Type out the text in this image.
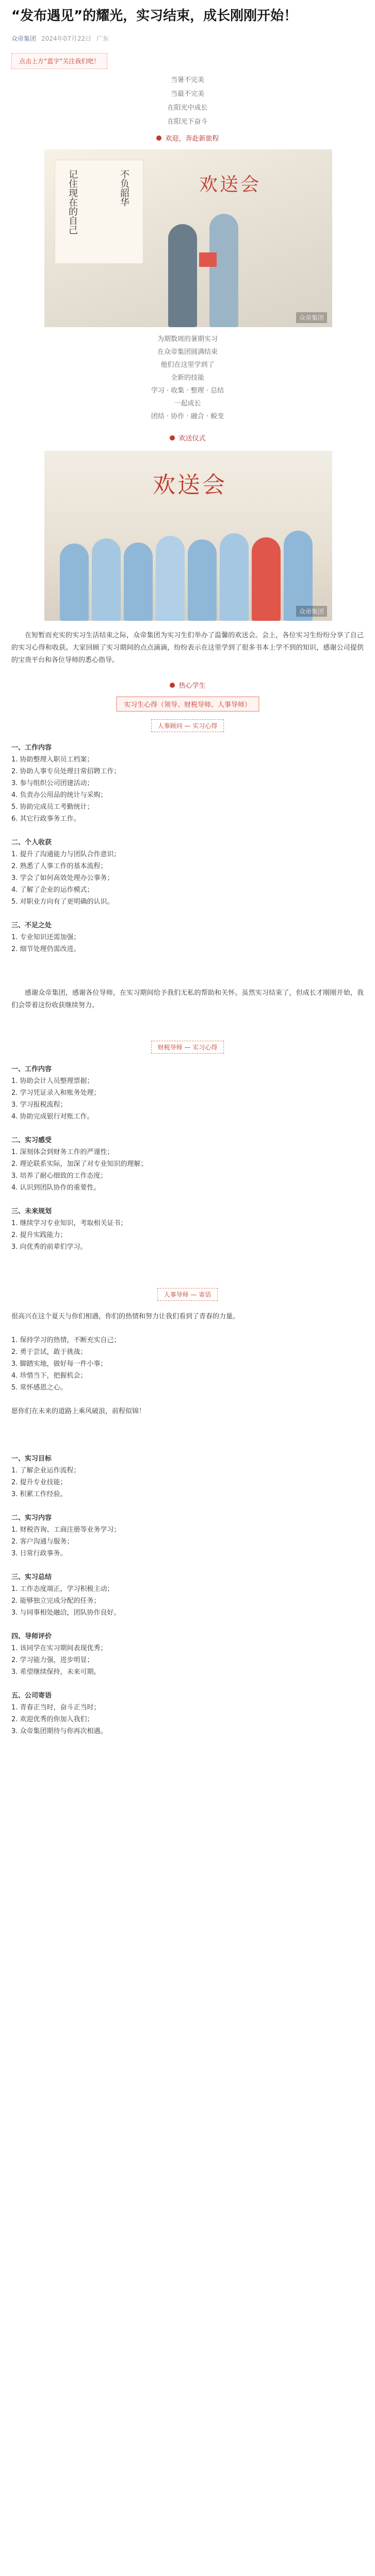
“发布遇见”的耀光，实习结束，成长刚刚开始！
众帝集团 2024年07月22日 广东
点击上方“蓝字”关注我们吧！
当暑不完美
当最不完美
在阳光中成长
在阳光下奋斗
欢迎，奔赴新旅程
记住现在的自己	不负韶华	欢送会
众帝集团
为期数周的暑期实习
在众帝集团圆满结束
他们在这里学到了
全新的技能
学习 · 收集 · 整理 · 总结
一起成长
团结 · 协作 · 融合 · 蜕变
欢送仪式
欢送会
众帝集团
在短暂而充实的实习生活结束之际，众帝集团为实习生们举办了温馨的欢送会。会上，各位实习生纷纷分享了自己的实习心得和收获。大家回顾了实习期间的点点滴滴，纷纷表示在这里学到了很多书本上学不到的知识，感谢公司提供的宝贵平台和各位导师的悉心指导。
热心学生
实习生心得（领导、财税导师、人事导师）
人事顾问 — 实习心得

一、工作内容

1. 协助整理入职员工档案；

2. 协助人事专员处理日常招聘工作；

3. 参与组织公司团建活动；

4. 负责办公用品的统计与采购；

5. 协助完成员工考勤统计；

6. 其它行政事务工作。

二、个人收获

1. 提升了沟通能力与团队合作意识；

2. 熟悉了人事工作的基本流程；

3. 学会了如何高效处理办公事务；

4. 了解了企业的运作模式；

5. 对职业方向有了更明确的认识。

三、不足之处

1. 专业知识还需加强；

2. 细节处理仍需改进。

感谢众帝集团，感谢各位导师，在实习期间给予我们无私的帮助和关怀。虽然实习结束了，但成长才刚刚开始，我们会带着这份收获继续努力。
财税导师 — 实习心得

一、工作内容

1. 协助会计人员整理票据；

2. 学习凭证录入和账务处理；

3. 学习报税流程；

4. 协助完成银行对账工作。

二、实习感受

1. 深刻体会到财务工作的严谨性；

2. 理论联系实际，加深了对专业知识的理解；

3. 培养了耐心细致的工作态度；

4. 认识到团队协作的重要性。

三、未来规划

1. 继续学习专业知识，考取相关证书；

2. 提升实践能力；

3. 向优秀的前辈们学习。

人事导师 — 寄语

很高兴在这个夏天与你们相遇，你们的热情和努力让我们看到了青春的力量。

1. 保持学习的热情，不断充实自己；

2. 勇于尝试，敢于挑战；

3. 脚踏实地，做好每一件小事；

4. 珍惜当下，把握机会；

5. 常怀感恩之心。

愿你们在未来的道路上乘风破浪，前程似锦！

一、实习目标

1. 了解企业运作流程；

2. 提升专业技能；

3. 积累工作经验。

二、实习内容

1. 财税咨询、工商注册等业务学习；

2. 客户沟通与服务；

3. 日常行政事务。

三、实习总结

1. 工作态度端正，学习积极主动；

2. 能够独立完成分配的任务；

3. 与同事相处融洽，团队协作良好。

四、导师评价

1. 该同学在实习期间表现优秀；

2. 学习能力强，进步明显；

3. 希望继续保持，未来可期。

五、公司寄语

1. 青春正当时，奋斗正当时；

2. 欢迎优秀的你加入我们；

3. 众帝集团期待与你再次相遇。
